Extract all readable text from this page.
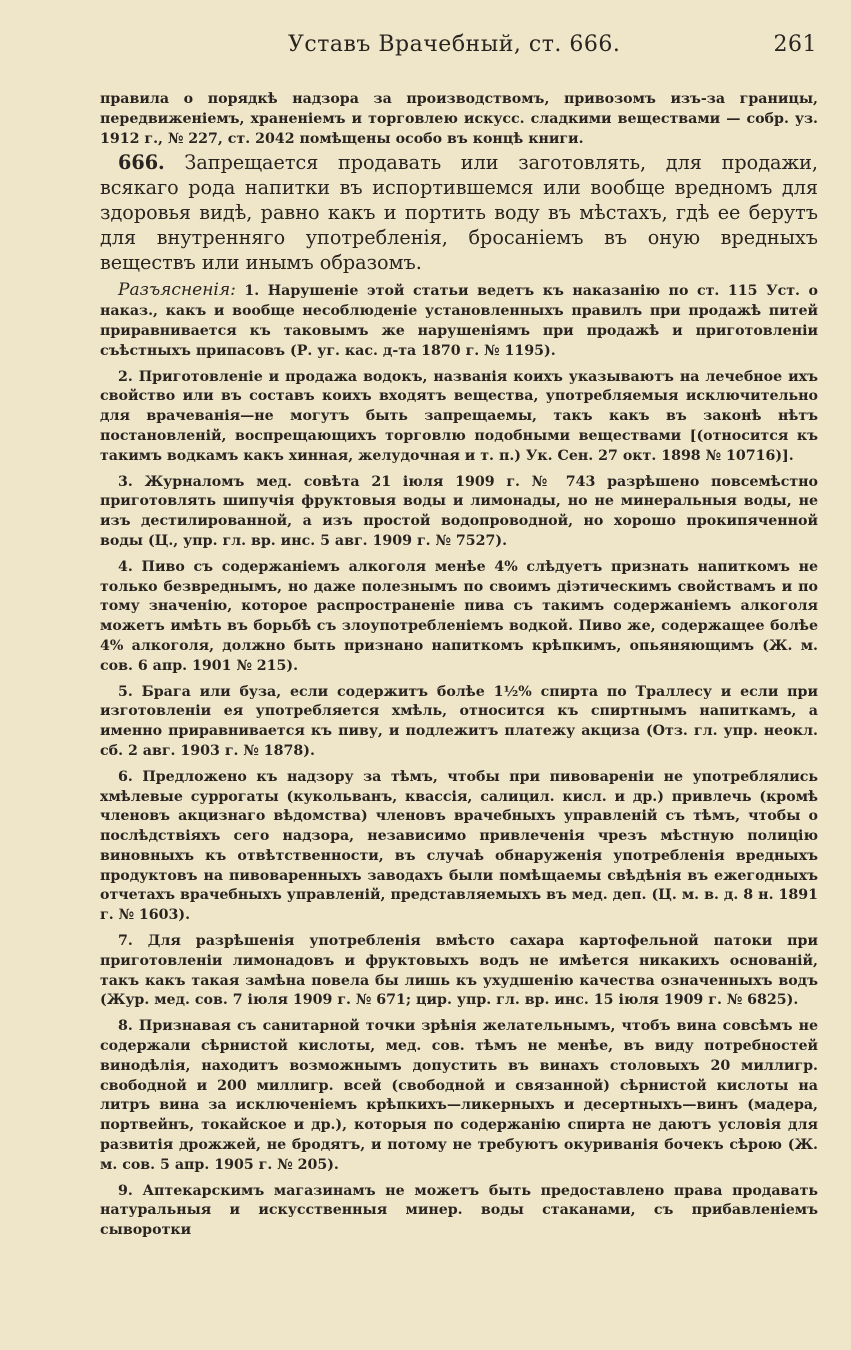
Уставъ Врачебный, ст. 666.	261

правила о порядкѣ надзора за производствомъ, привозомъ изъ-за границы, передвиженіемъ, храненіемъ и торговлею искусс. сладкими веществами — собр. уз. 1912 г., № 227, ст. 2042 помѣщены особо въ концѣ книги.

666. Запрещается продавать или заготовлять, для продажи, всякаго рода напитки въ испортившемся или вообще вредномъ для здоровья видѣ, равно какъ и портить воду въ мѣстахъ, гдѣ ее берутъ для внутренняго употребленія, бросаніемъ въ оную вредныхъ веществъ или инымъ образомъ.

Разъясненія: 1. Нарушеніе этой статьи ведетъ къ наказанію по ст. 115 Уст. о наказ., какъ и вообще несоблюденіе установленныхъ правилъ при продажѣ питей приравнивается къ таковымъ же нарушеніямъ при продажѣ и приготовленіи съѣстныхъ припасовъ (Р. уг. кас. д-та 1870 г. № 1195).

2. Приготовленіе и продажа водокъ, названія коихъ указываютъ на лечебное ихъ свойство или въ составъ коихъ входятъ вещества, употребляемыя исключительно для врачеванія—не могутъ быть запрещаемы, такъ какъ въ законѣ нѣтъ постановленій, воспрещающихъ торговлю подобными веществами [(относится къ такимъ водкамъ какъ хинная, желудочная и т. п.) Ук. Сен. 27 окт. 1898 № 10716)].

3. Журналомъ мед. совѣта 21 іюля 1909 г. № 743 разрѣшено повсемѣстно приготовлять шипучія фруктовыя воды и лимонады, но не минеральныя воды, не изъ дестилированной, а изъ простой водопроводной, но хорошо прокипяченной воды (Ц., упр. гл. вр. инс. 5 авг. 1909 г. № 7527).

4. Пиво съ содержаніемъ алкоголя менѣе 4% слѣдуетъ признать напиткомъ не только безвреднымъ, но даже полезнымъ по своимъ діэтическимъ свойствамъ и по тому значенію, которое распространеніе пива съ такимъ содержаніемъ алкоголя можетъ имѣть въ борьбѣ съ злоупотребленіемъ водкой. Пиво же, содержащее болѣе 4% алкоголя, должно быть признано напиткомъ крѣпкимъ, опьяняющимъ (Ж. м. сов. 6 апр. 1901 № 215).

5. Брага или буза, если содержитъ болѣе 1½% спирта по Траллесу и если при изготовленіи ея употребляется хмѣль, относится къ спиртнымъ напиткамъ, а именно приравнивается къ пиву, и подлежитъ платежу акциза (Отз. гл. упр. неокл. сб. 2 авг. 1903 г. № 1878).

6. Предложено къ надзору за тѣмъ, чтобы при пивовареніи не употреблялись хмѣлевые суррогаты (кукольванъ, квассія, салицил. кисл. и др.) привлечь (кромѣ членовъ акцизнаго вѣдомства) членовъ врачебныхъ управленій съ тѣмъ, чтобы о послѣдствіяхъ сего надзора, независимо привлеченія чрезъ мѣстную полицію виновныхъ къ отвѣтственности, въ случаѣ обнаруженія употребленія вредныхъ продуктовъ на пивоваренныхъ заводахъ были помѣщаемы свѣдѣнія въ ежегодныхъ отчетахъ врачебныхъ управленій, представляемыхъ въ мед. деп. (Ц. м. в. д. 8 н. 1891 г. № 1603).

7. Для разрѣшенія употребленія вмѣсто сахара картофельной патоки при приготовленіи лимонадовъ и фруктовыхъ водъ не имѣется никакихъ основаній, такъ какъ такая замѣна повела бы лишь къ ухудшенію качества означенныхъ водъ (Жур. мед. сов. 7 іюля 1909 г. № 671; цир. упр. гл. вр. инс. 15 іюля 1909 г. № 6825).

8. Признавая съ санитарной точки зрѣнія желательнымъ, чтобъ вина совсѣмъ не содержали сѣрнистой кислоты, мед. сов. тѣмъ не менѣе, въ виду потребностей винодѣлія, находитъ возможнымъ допустить въ винахъ столовыхъ 20 миллигр. свободной и 200 миллигр. всей (свободной и связанной) сѣрнистой кислоты на литръ вина за исключеніемъ крѣпкихъ—ликерныхъ и десертныхъ—винъ (мадера, портвейнъ, токайское и др.), которыя по содержанію спирта не даютъ условія для развитія дрожжей, не бродятъ, и потому не требуютъ окуриванія бочекъ сѣрою (Ж. м. сов. 5 апр. 1905 г. № 205).

9. Аптекарскимъ магазинамъ не можетъ быть предоставлено права продавать натуральныя и искусственныя минер. воды стаканами, съ прибавленіемъ сыворотки
